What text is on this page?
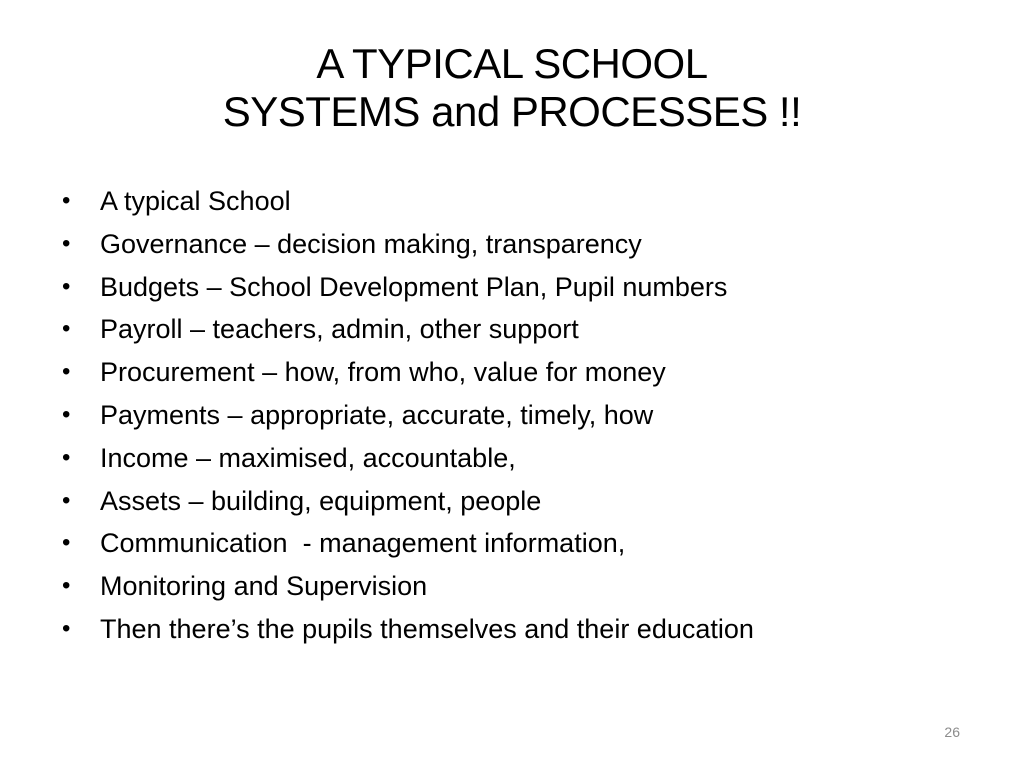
A TYPICAL SCHOOL
SYSTEMS and PROCESSES !!
• A typical School
• Governance – decision making, transparency
• Budgets – School Development Plan, Pupil numbers
• Payroll – teachers, admin, other support
• Procurement – how, from who, value for money
• Payments – appropriate, accurate, timely, how
• Income – maximised, accountable,
• Assets – building, equipment, people
• Communication  - management information,
• Monitoring and Supervision
• Then there’s the pupils themselves and their education
26
